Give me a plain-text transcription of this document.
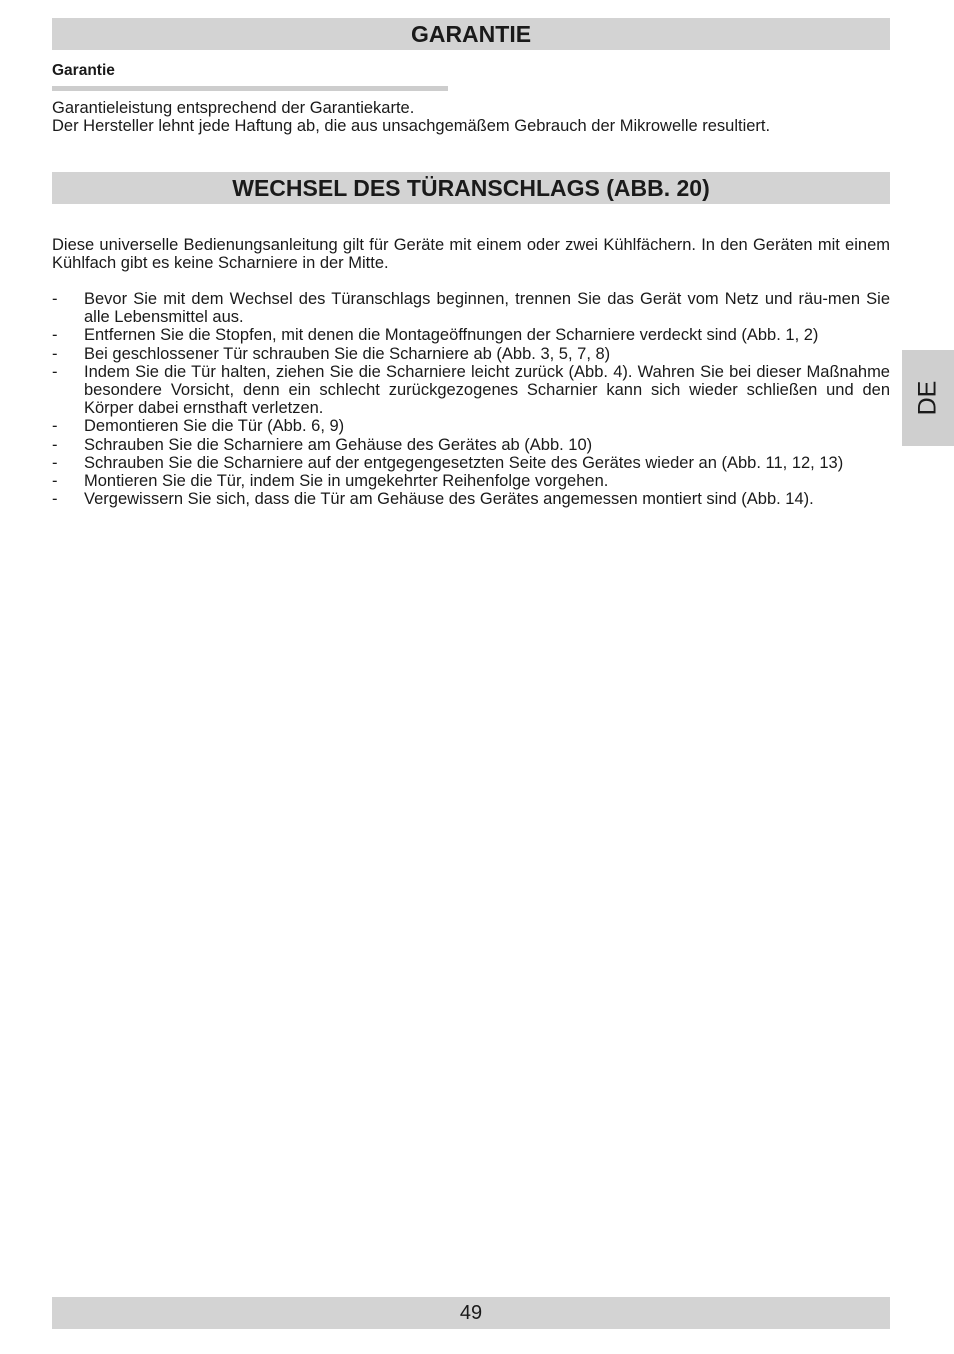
GARANTIE
Garantie

Garantieleistung entsprechend der Garantiekarte.

Der Hersteller lehnt jede Haftung ab, die aus unsachgemäßem Gebrauch der Mikrowelle resultiert.

WECHSEL DES TÜRANSCHLAGS (ABB. 20)
Diese universelle Bedienungsanleitung gilt für Geräte mit einem oder zwei Kühlfächern. In den Geräten mit einem Kühlfach gibt es keine Scharniere in der Mitte.
- Bevor Sie mit dem Wechsel des Türanschlags beginnen, trennen Sie das Gerät vom Netz und räu-men Sie alle Lebensmittel aus.
- Entfernen Sie die Stopfen, mit denen die Montageöffnungen der Scharniere verdeckt sind (Abb. 1, 2)
- Bei geschlossener Tür schrauben Sie die Scharniere ab (Abb. 3, 5, 7, 8)
- Indem Sie die Tür halten, ziehen Sie die Scharniere leicht zurück (Abb. 4). Wahren Sie bei dieser Maßnahme besondere Vorsicht, denn ein schlecht zurückgezogenes Scharnier kann sich wieder schließen und den Körper dabei ernsthaft verletzen.
- Demontieren Sie die Tür (Abb. 6, 9)
- Schrauben Sie die Scharniere am Gehäuse des Gerätes ab (Abb. 10)
- Schrauben Sie die Scharniere auf der entgegengesetzten Seite des Gerätes wieder an (Abb. 11, 12, 13)
- Montieren Sie die Tür, indem Sie in umgekehrter Reihenfolge vorgehen.
- Vergewissern Sie sich, dass die Tür am Gehäuse des Gerätes angemessen montiert sind (Abb. 14).
DE
49
